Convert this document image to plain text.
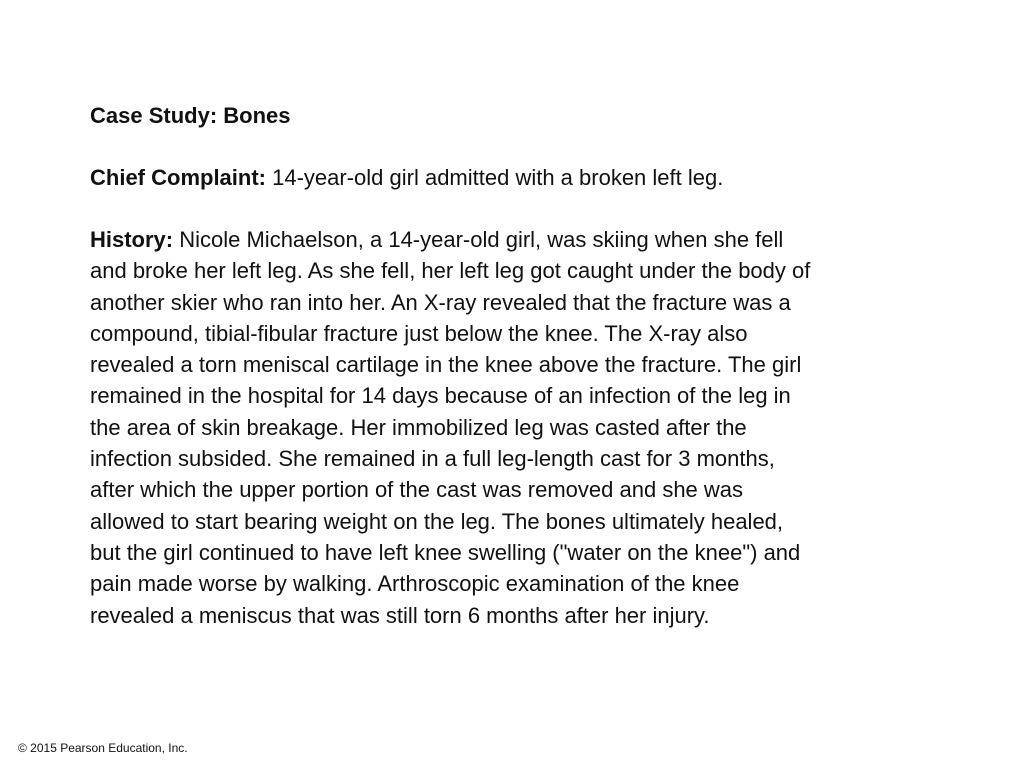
Case Study: Bones

Chief Complaint: 14-year-old girl admitted with a broken left leg.

History: Nicole Michaelson, a 14-year-old girl, was skiing when she fell
and broke her left leg. As she fell, her left leg got caught under the body of
another skier who ran into her. An X-ray revealed that the fracture was a
compound, tibial-fibular fracture just below the knee. The X-ray also
revealed a torn meniscal cartilage in the knee above the fracture. The girl
remained in the hospital for 14 days because of an infection of the leg in
the area of skin breakage. Her immobilized leg was casted after the
infection subsided. She remained in a full leg-length cast for 3 months,
after which the upper portion of the cast was removed and she was
allowed to start bearing weight on the leg. The bones ultimately healed,
but the girl continued to have left knee swelling ("water on the knee") and
pain made worse by walking. Arthroscopic examination of the knee
revealed a meniscus that was still torn 6 months after her injury.
© 2015 Pearson Education, Inc.
